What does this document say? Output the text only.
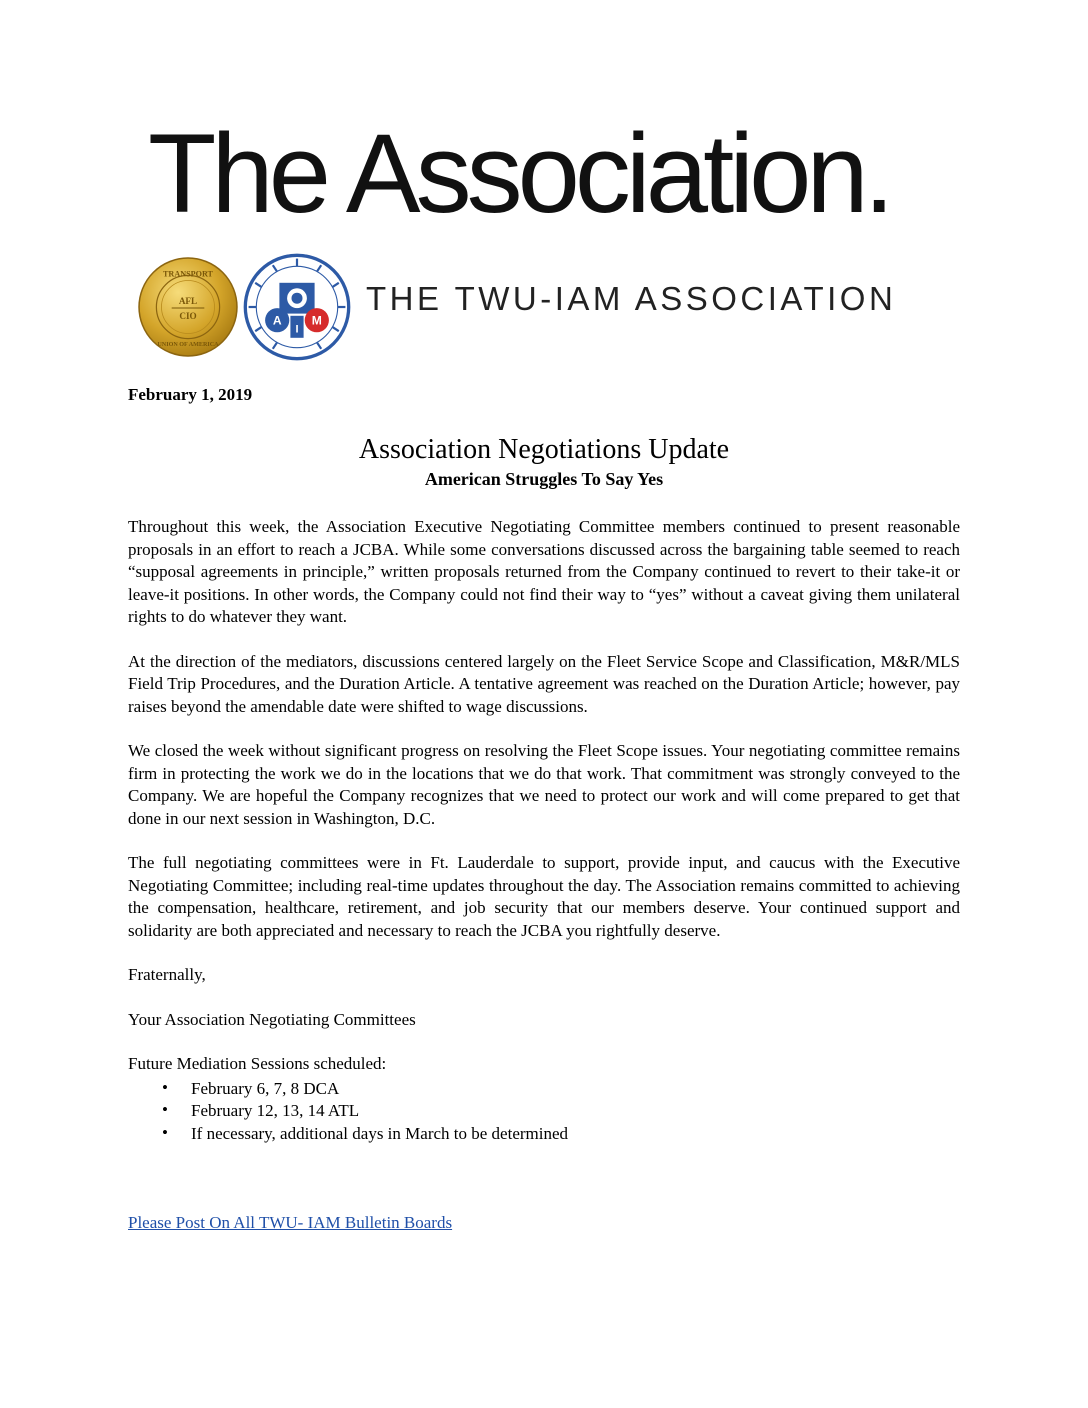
The Association.
TRANSPORT
UNION OF AMERICA
AFL
CIO	A	M
I
THE TWU-IAM ASSOCIATION
February 1, 2019
Association Negotiations Update
American Struggles To Say Yes

Throughout this week, the Association Executive Negotiating Committee members continued to present reasonable proposals in an effort to reach a JCBA. While some conversations discussed across the bargaining table seemed to reach “supposal agreements in principle,” written proposals returned from the Company continued to revert to their take-it or leave-it positions. In other words, the Company could not find their way to “yes” without a caveat giving them unilateral rights to do whatever they want.

At the direction of the mediators, discussions centered largely on the Fleet Service Scope and Classification, M&R/MLS Field Trip Procedures, and the Duration Article. A tentative agreement was reached on the Duration Article; however, pay raises beyond the amendable date were shifted to wage discussions.

We closed the week without significant progress on resolving the Fleet Scope issues. Your negotiating committee remains firm in protecting the work we do in the locations that we do that work. That commitment was strongly conveyed to the Company. We are hopeful the Company recognizes that we need to protect our work and will come prepared to get that done in our next session in Washington, D.C.

The full negotiating committees were in Ft. Lauderdale to support, provide input, and caucus with the Executive Negotiating Committee; including real-time updates throughout the day. The Association remains committed to achieving the compensation, healthcare, retirement, and job security that our members deserve. Your continued support and solidarity are both appreciated and necessary to reach the JCBA you rightfully deserve.

Fraternally,

Your Association Negotiating Committees

Future Mediation Sessions scheduled:
• February 6, 7, 8 DCA
• February 12, 13, 14 ATL
• If necessary, additional days in March to be determined
Please Post On All TWU- IAM Bulletin Boards
